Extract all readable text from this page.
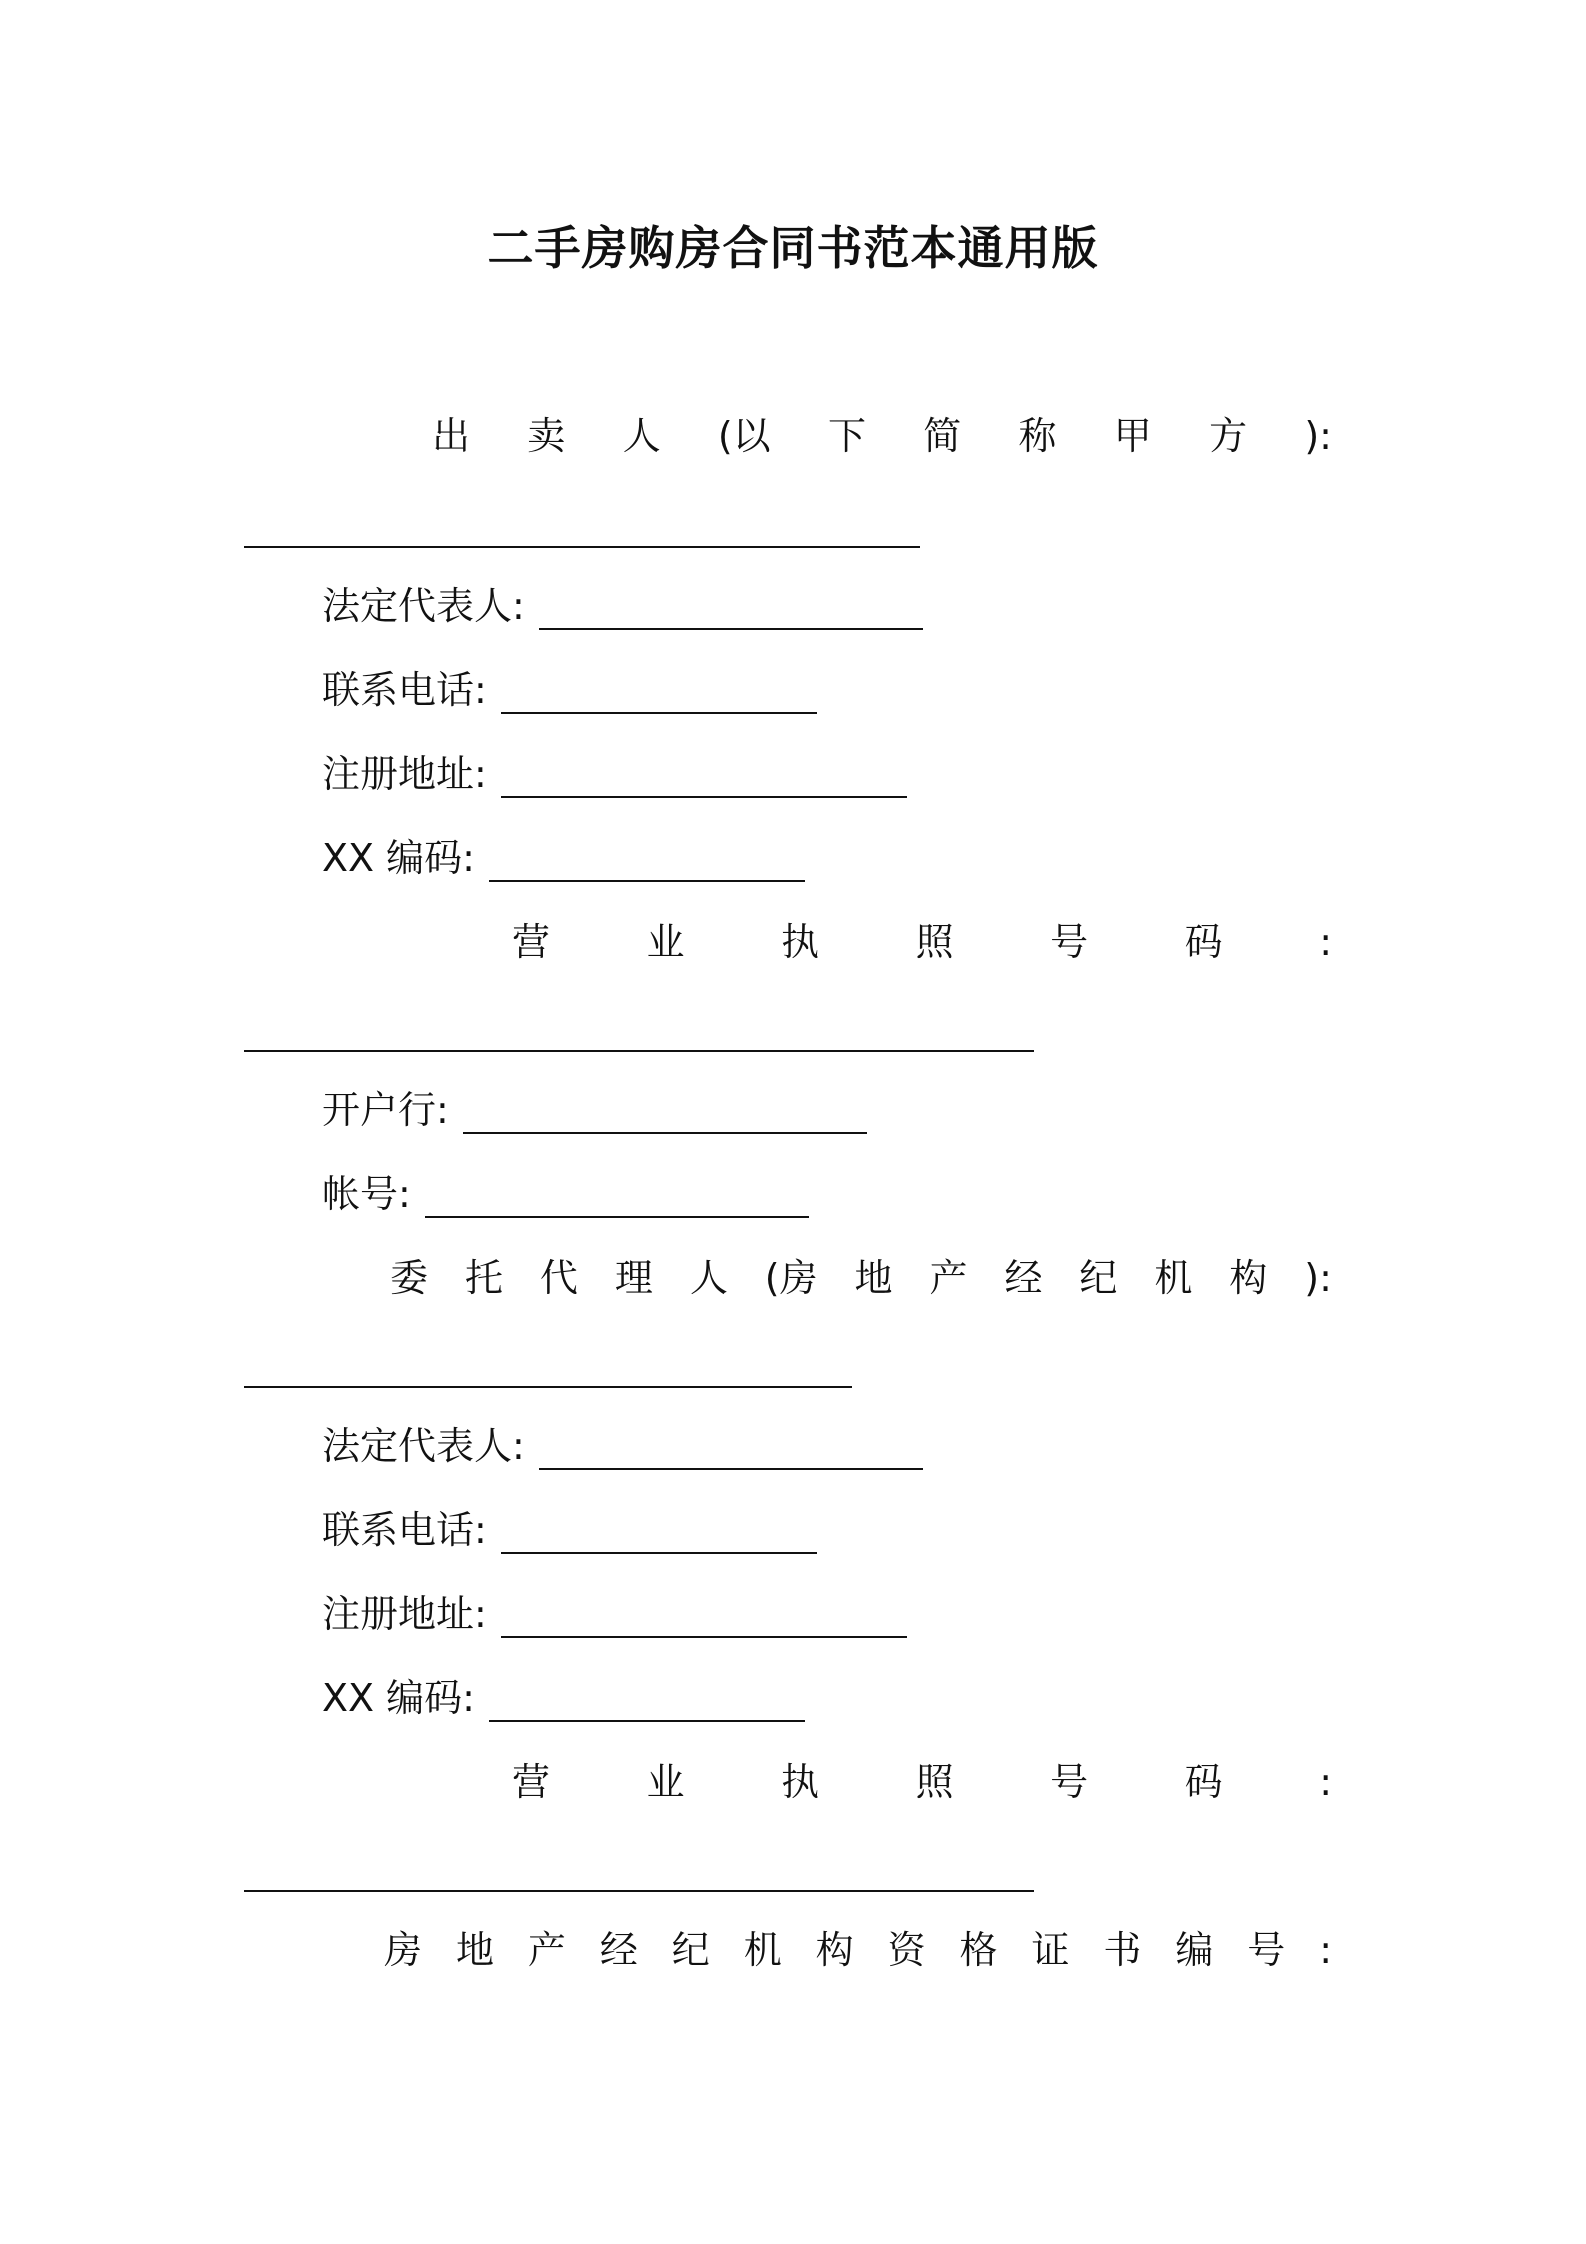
二手房购房合同书范本通用版
出 卖 人 (以 下 简 称 甲 方 ):
法定代表人:
联系电话:
注册地址:
XX 编码:
营	业	执	照	号	码	:
开户行:
帐号:
委 托 代 理 人 (房 地 产 经 纪 机 构 ):
法定代表人:
联系电话:
注册地址:
XX 编码:
营	业	执	照	号	码	:
房 地 产 经 纪 机 构 资 格 证 书 编 号 :
